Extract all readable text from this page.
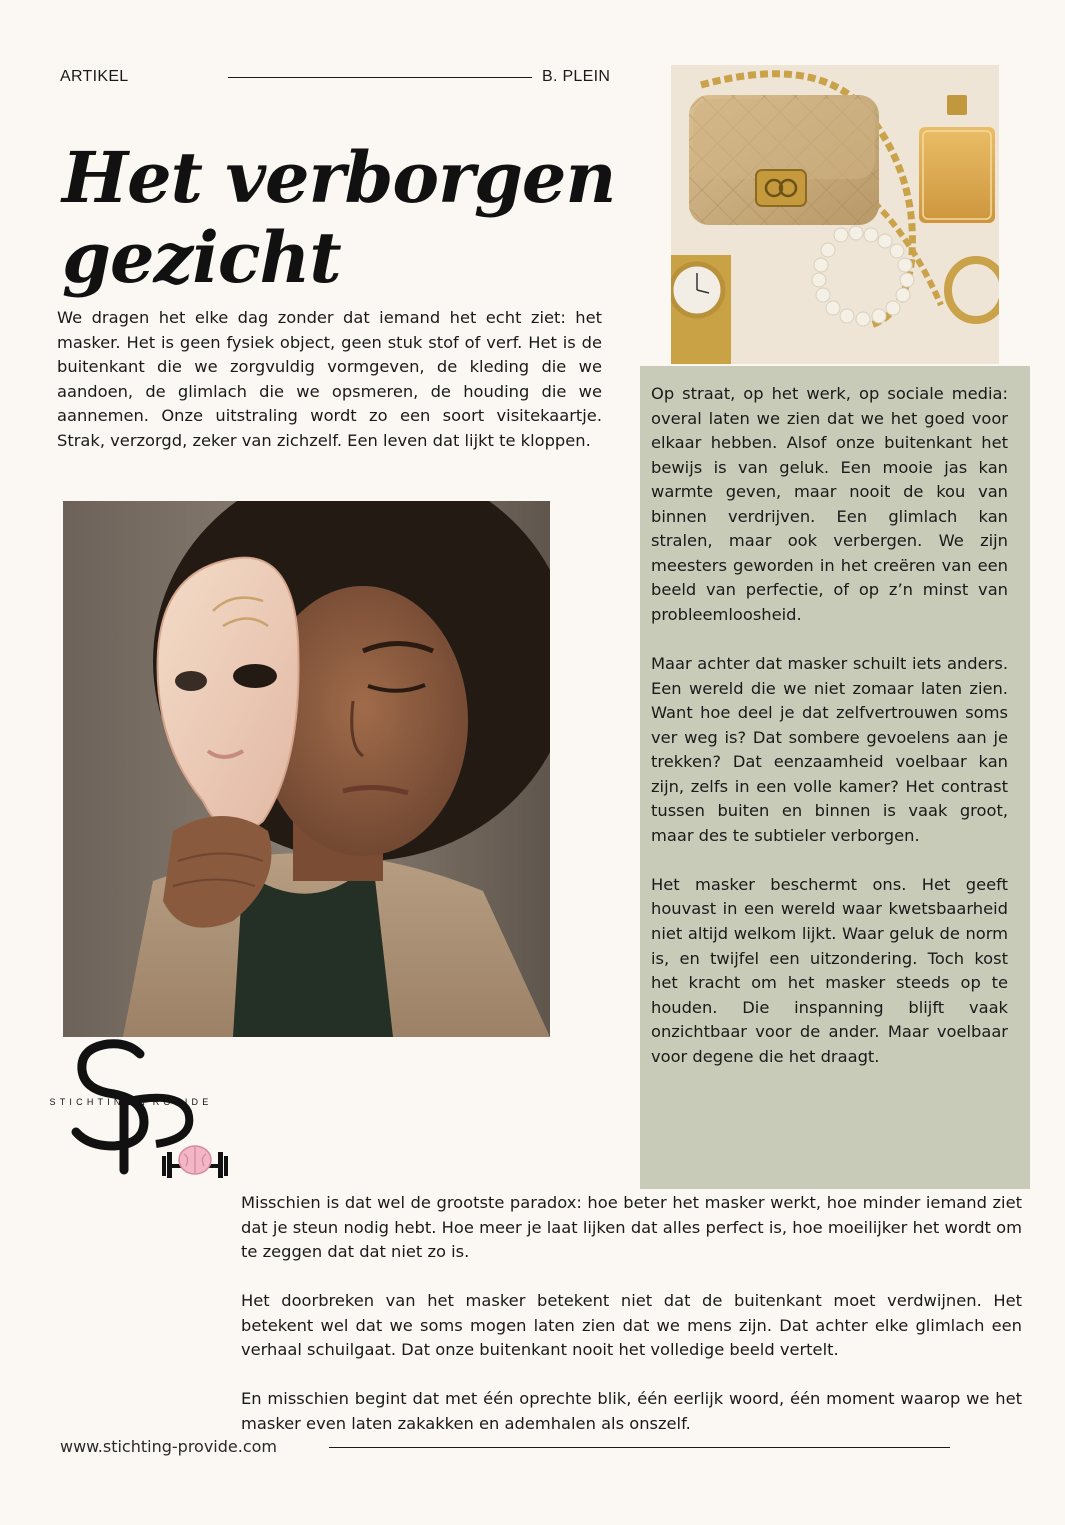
ARTIKEL	B. PLEIN
Het verborgen
gezicht
We dragen het elke dag zonder dat iemand het echt ziet: het masker. Het is geen fysiek object, geen stuk stof of verf. Het is de buitenkant die we zorgvuldig vormgeven, de kleding die we aandoen, de glimlach die we opsmeren, de houding die we aannemen. Onze uitstraling wordt zo een soort visitekaartje. Strak, verzorgd, zeker van zichzelf. Een leven dat lijkt te kloppen.

Op straat, op het werk, op sociale media: overal laten we zien dat we het goed voor elkaar hebben. Alsof onze buitenkant het bewijs is van geluk. Een mooie jas kan warmte geven, maar nooit de kou van binnen verdrijven. Een glimlach kan stralen, maar ook verbergen. We zijn meesters geworden in het creëren van een beeld van perfectie, of op z’n minst van probleemloosheid.

Maar achter dat masker schuilt iets anders. Een wereld die we niet zomaar laten zien. Want hoe deel je dat zelfvertrouwen soms ver weg is? Dat sombere gevoelens aan je trekken? Dat eenzaamheid voelbaar kan zijn, zelfs in een volle kamer? Het contrast tussen buiten en binnen is vaak groot, maar des te subtieler verborgen.

Het masker beschermt ons. Het geeft houvast in een wereld waar kwetsbaarheid niet altijd welkom lijkt. Waar geluk de norm is, en twijfel een uitzondering. Toch kost het kracht om het masker steeds op te houden. Die inspanning blijft vaak onzichtbaar voor de ander. Maar voelbaar voor degene die het draagt.

STICHTING PROVIDE

Misschien is dat wel de grootste paradox: hoe beter het masker werkt, hoe minder iemand ziet dat je steun nodig hebt. Hoe meer je laat lijken dat alles perfect is, hoe moeilijker het wordt om te zeggen dat dat niet zo is.

Het doorbreken van het masker betekent niet dat de buitenkant moet verdwijnen. Het betekent wel dat we soms mogen laten zien dat we mens zijn. Dat achter elke glimlach een verhaal schuilgaat. Dat onze buitenkant nooit het volledige beeld vertelt.

En misschien begint dat met één oprechte blik, één eerlijk woord, één moment waarop we het masker even laten zakakken en ademhalen als onszelf.

www.stichting-provide.com
